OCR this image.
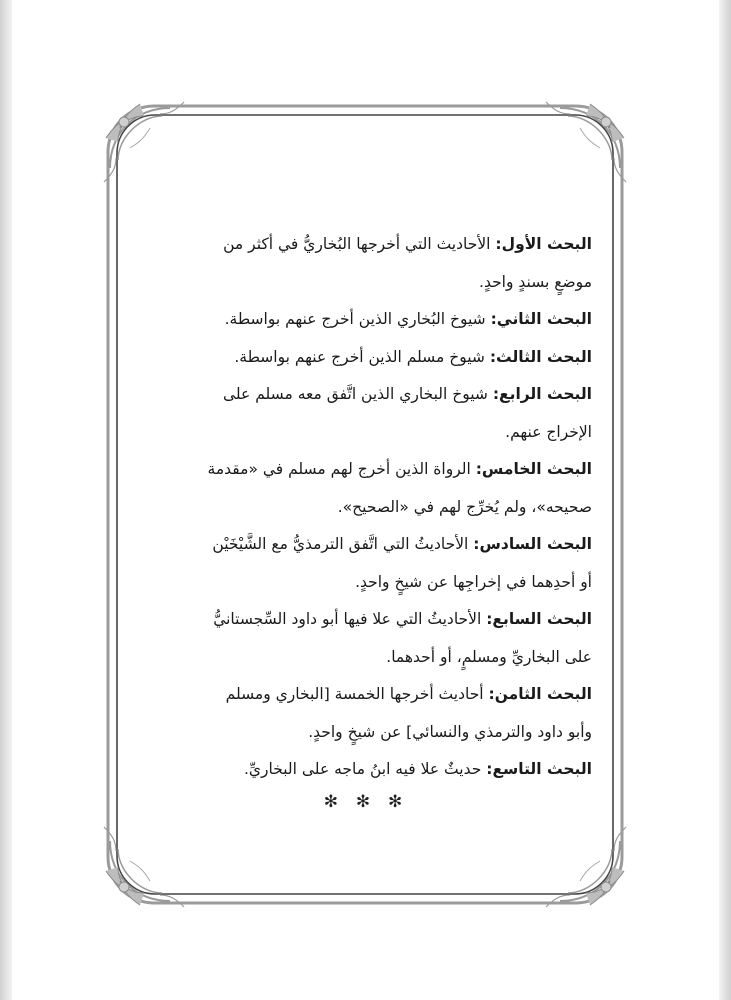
البحث الأول: الأحاديث التي أخرجها البُخاريُّ في أكثر من
موضعٍ بسندٍ واحدٍ.

البحث الثاني: شيوخ البُخاري الذين أخرج عنهم بواسطة.

البحث الثالث: شيوخ مسلم الذين أخرج عنهم بواسطة.

البحث الرابع: شيوخ البخاري الذين اتَّفق معه مسلم على
الإخراج عنهم.

البحث الخامس: الرواة الذين أخرج لهم مسلم في «مقدمة
صحيحه»، ولم يُخرِّج لهم في «الصحيح».

البحث السادس: الأحاديثُ التي اتَّفق الترمذيُّ مع الشَّيْخَيْن
أو أحدِهما في إخراجِها عن شيخٍ واحدٍ.

البحث السابع: الأحاديثُ التي علا فيها أبو داود السِّجستانيُّ
على البخاريِّ ومسلمٍ، أو أحدهما.

البحث الثامن: أحاديث أخرجها الخمسة [البخاري ومسلم
وأبو داود والترمذي والنسائي] عن شيخٍ واحدٍ.

البحث التاسع: حديثٌ علا فيه ابنُ ماجه على البخاريِّ.

✻ ✻ ✻
